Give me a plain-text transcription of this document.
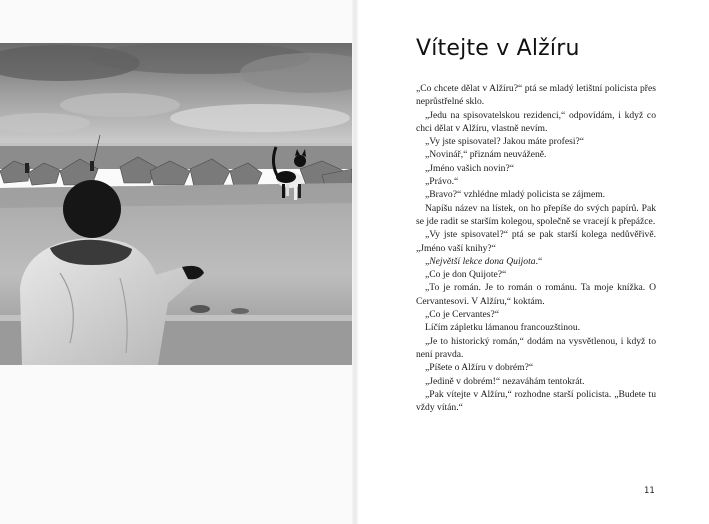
Vítejte v Alžíru

„Co chcete dělat v Alžíru?“ ptá se mladý letištní policista přes neprůstřelné sklo.

„Jedu na spisovatelskou rezidenci,“ odpovídám, i když co chci dělat v Alžíru, vlastně nevím.

„Vy jste spisovatel? Jakou máte profesi?“

„Novinář,“ přiznám neuváženě.

„Jméno vašich novin?“

„Právo.“

„Bravo?“ vzhlédne mladý policista se zájmem.

Napíšu název na lístek, on ho přepíše do svých papírů. Pak se jde radit se starším kolegou, společně se vracejí k přepážce.

„Vy jste spisovatel?“ ptá se pak starší kolega nedůvěřivě. „Jméno vaší knihy?“

„Největší lekce dona Quijota.“

„Co je don Quijote?“

„To je román. Je to román o románu. Ta moje knížka. O Cervantesovi. V Alžíru,“ koktám.

„Co je Cervantes?“

Líčím zápletku lámanou francouzštinou.

„Je to historický román,“ dodám na vysvětlenou, i když to není pravda.

„Píšete o Alžíru v dobrém?“

„Jedině v dobrém!“ nezaváhám tentokrát.

„Pak vítejte v Alžíru,“ rozhodne starší policista. „Budete tu vždy vítán.“

11
